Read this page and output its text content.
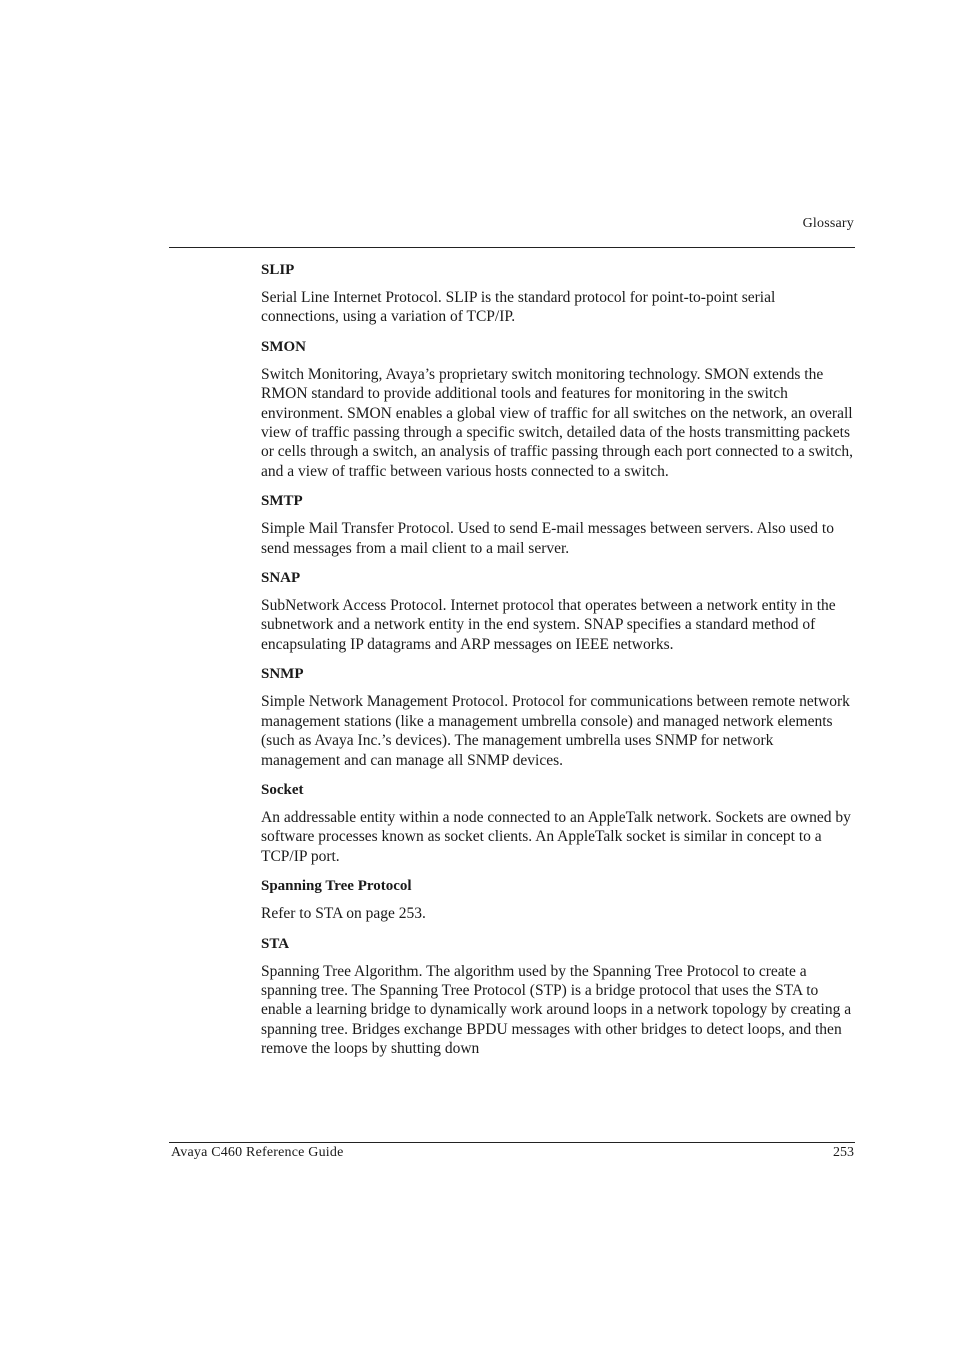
Glossary
SLIP
Serial Line Internet Protocol. SLIP is the standard protocol for point-to-point serial connections, using a variation of TCP/IP.
SMON
Switch Monitoring, Avaya’s proprietary switch monitoring technology. SMON extends the RMON standard to provide additional tools and features for monitoring in the switch environment. SMON enables a global view of traffic for all switches on the network, an overall view of traffic passing through a specific switch, detailed data of the hosts transmitting packets or cells through a switch, an analysis of traffic passing through each port connected to a switch, and a view of traffic between various hosts connected to a switch.
SMTP
Simple Mail Transfer Protocol. Used to send E-mail messages between servers. Also used to send messages from a mail client to a mail server.
SNAP
SubNetwork Access Protocol. Internet protocol that operates between a network entity in the subnetwork and a network entity in the end system. SNAP specifies a standard method of encapsulating IP datagrams and ARP messages on IEEE networks.
SNMP
Simple Network Management Protocol. Protocol for communications between remote network management stations (like a management umbrella console) and managed network elements (such as Avaya Inc.’s devices). The management umbrella uses SNMP for network management and can manage all SNMP devices.
Socket
An addressable entity within a node connected to an AppleTalk network. Sockets are owned by software processes known as socket clients. An AppleTalk socket is similar in concept to a TCP/IP port.
Spanning Tree Protocol
Refer to STA on page 253.
STA
Spanning Tree Algorithm. The algorithm used by the Spanning Tree Protocol to create a spanning tree. The Spanning Tree Protocol (STP) is a bridge protocol that uses the STA to enable a learning bridge to dynamically work around loops in a network topology by creating a spanning tree. Bridges exchange BPDU messages with other bridges to detect loops, and then remove the loops by shutting down
Avaya C460 Reference Guide	253
